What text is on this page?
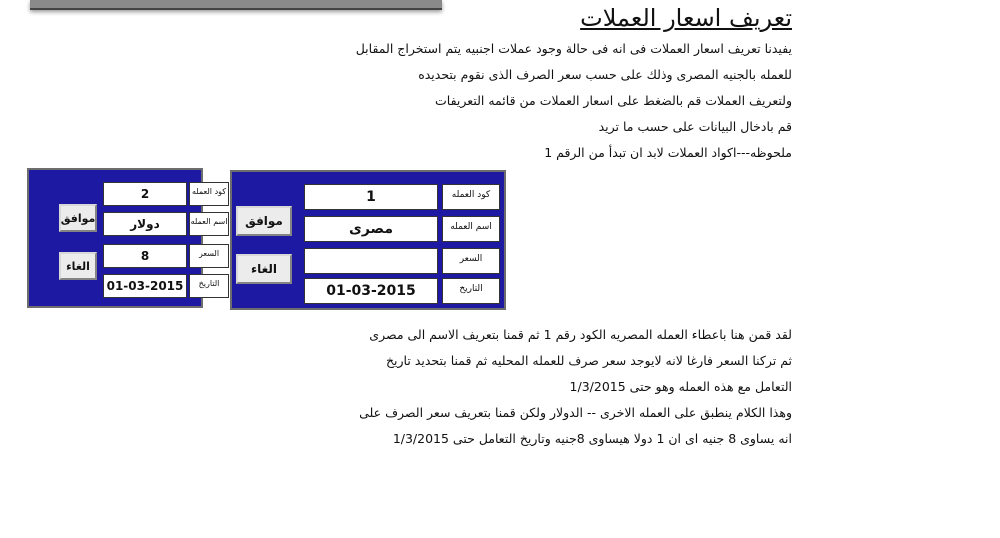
تعريف اسعار العملات
يفيدنا تعريف اسعار العملات فى انه فى حالة وجود عملات اجنبيه يتم استخراج المقابل
للعمله بالجنيه المصرى وذلك على حسب سعر الصرف الذى نقوم بتحديده
ولتعريف العملات قم بالضغط على اسعار العملات من قائمه التعريفات
قم بادخال البيانات على حسب ما تريد
ملحوظه---اكواد العملات لابد ان تبدأ من الرقم 1
2	كود العمله
دولار	اسم العمله
8	السعر
01-03-2015	التاريخ
موافق
الغاء
1	كود العمله
مصرى	اسم العمله
السعر
01-03-2015	التاريخ
موافق
الغاء
لقد قمن هنا باعطاء العمله المصريه الكود رقم 1 ثم قمنا بتعريف الاسم الى مصرى
ثم تركنا السعر فارغا لانه لايوجد سعر صرف للعمله المحليه ثم قمنا بتحديد تاريخ
التعامل مع هذه العمله وهو حتى 1/3/2015
وهذا الكلام ينطبق على العمله الاخرى -- الدولار ولكن قمنا بتعريف سعر الصرف على
انه يساوى 8 جنيه اى ان 1 دولا هيساوى 8جنيه وتاريخ التعامل حتى 1/3/2015
